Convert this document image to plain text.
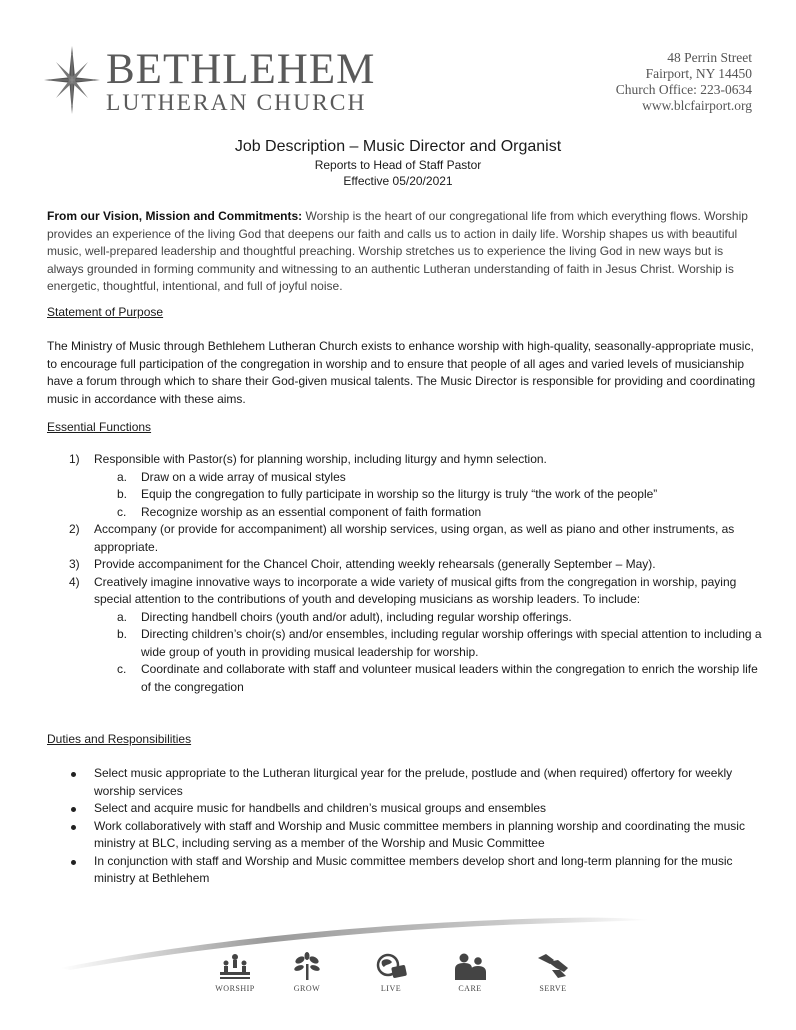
BETHLEHEM
LUTHERAN CHURCH
48 Perrin Street
Fairport, NY 14450
Church Office: 223-0634
www.blcfairport.org
Job Description – Music Director and Organist
Reports to Head of Staff Pastor
Effective 05/20/2021
From our Vision, Mission and Commitments: Worship is the heart of our congregational life from which everything flows. Worship provides an experience of the living God that deepens our faith and calls us to action in daily life. Worship shapes us with beautiful music, well-prepared leadership and thoughtful preaching. Worship stretches us to experience the living God in new ways but is always grounded in forming community and witnessing to an authentic Lutheran understanding of faith in Jesus Christ. Worship is energetic, thoughtful, intentional, and full of joyful noise.
Statement of Purpose
The Ministry of Music through Bethlehem Lutheran Church exists to enhance worship with high-quality, seasonally-appropriate music, to encourage full participation of the congregation in worship and to ensure that people of all ages and varied levels of musicianship have a forum through which to share their God-given musical talents. The Music Director is responsible for providing and coordinating music in accordance with these aims.
Essential Functions
1) Responsible with Pastor(s) for planning worship, including liturgy and hymn selection.
a. Draw on a wide array of musical styles
b. Equip the congregation to fully participate in worship so the liturgy is truly “the work of the people”
c. Recognize worship as an essential component of faith formation
2) Accompany (or provide for accompaniment) all worship services, using organ, as well as piano and other instruments, as appropriate.
3) Provide accompaniment for the Chancel Choir, attending weekly rehearsals (generally September – May).
4) Creatively imagine innovative ways to incorporate a wide variety of musical gifts from the congregation in worship, paying special attention to the contributions of youth and developing musicians as worship leaders. To include:
a. Directing handbell choirs (youth and/or adult), including regular worship offerings.
b. Directing children’s choir(s) and/or ensembles, including regular worship offerings with special attention to including a wide group of youth in providing musical leadership for worship.
c. Coordinate and collaborate with staff and volunteer musical leaders within the congregation to enrich the worship life of the congregation
Duties and Responsibilities
Select music appropriate to the Lutheran liturgical year for the prelude, postlude and (when required) offertory for weekly worship services
Select and acquire music for handbells and children’s musical groups and ensembles
Work collaboratively with staff and Worship and Music committee members in planning worship and coordinating the music ministry at BLC, including serving as a member of the Worship and Music Committee
In conjunction with staff and Worship and Music committee members develop short and long-term planning for the music ministry at Bethlehem
WORSHIP	GROW	LIVE	CARE	SERVE
